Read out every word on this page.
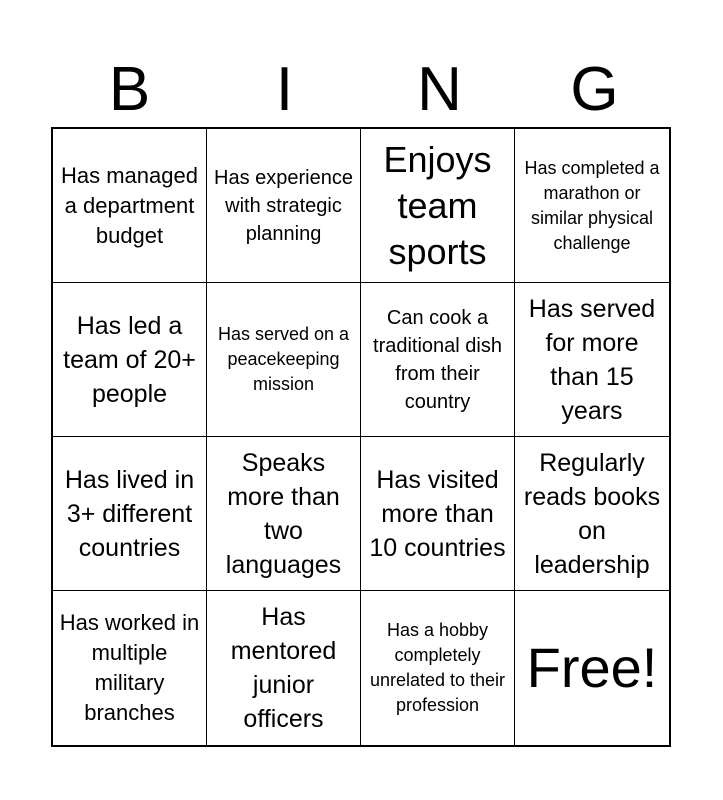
B	I	N	G
Has managed a department budget
Has experience with strategic planning
Enjoys team sports
Has completed a marathon or similar physical challenge
Has led a team of 20+ people
Has served on a peacekeeping mission
Can cook a traditional dish from their country
Has served for more than 15 years
Has lived in 3+ different countries
Speaks more than two languages
Has visited more than 10 countries
Regularly reads books on leadership
Has worked in multiple military branches
Has mentored junior officers
Has a hobby completely unrelated to their profession
Free!
